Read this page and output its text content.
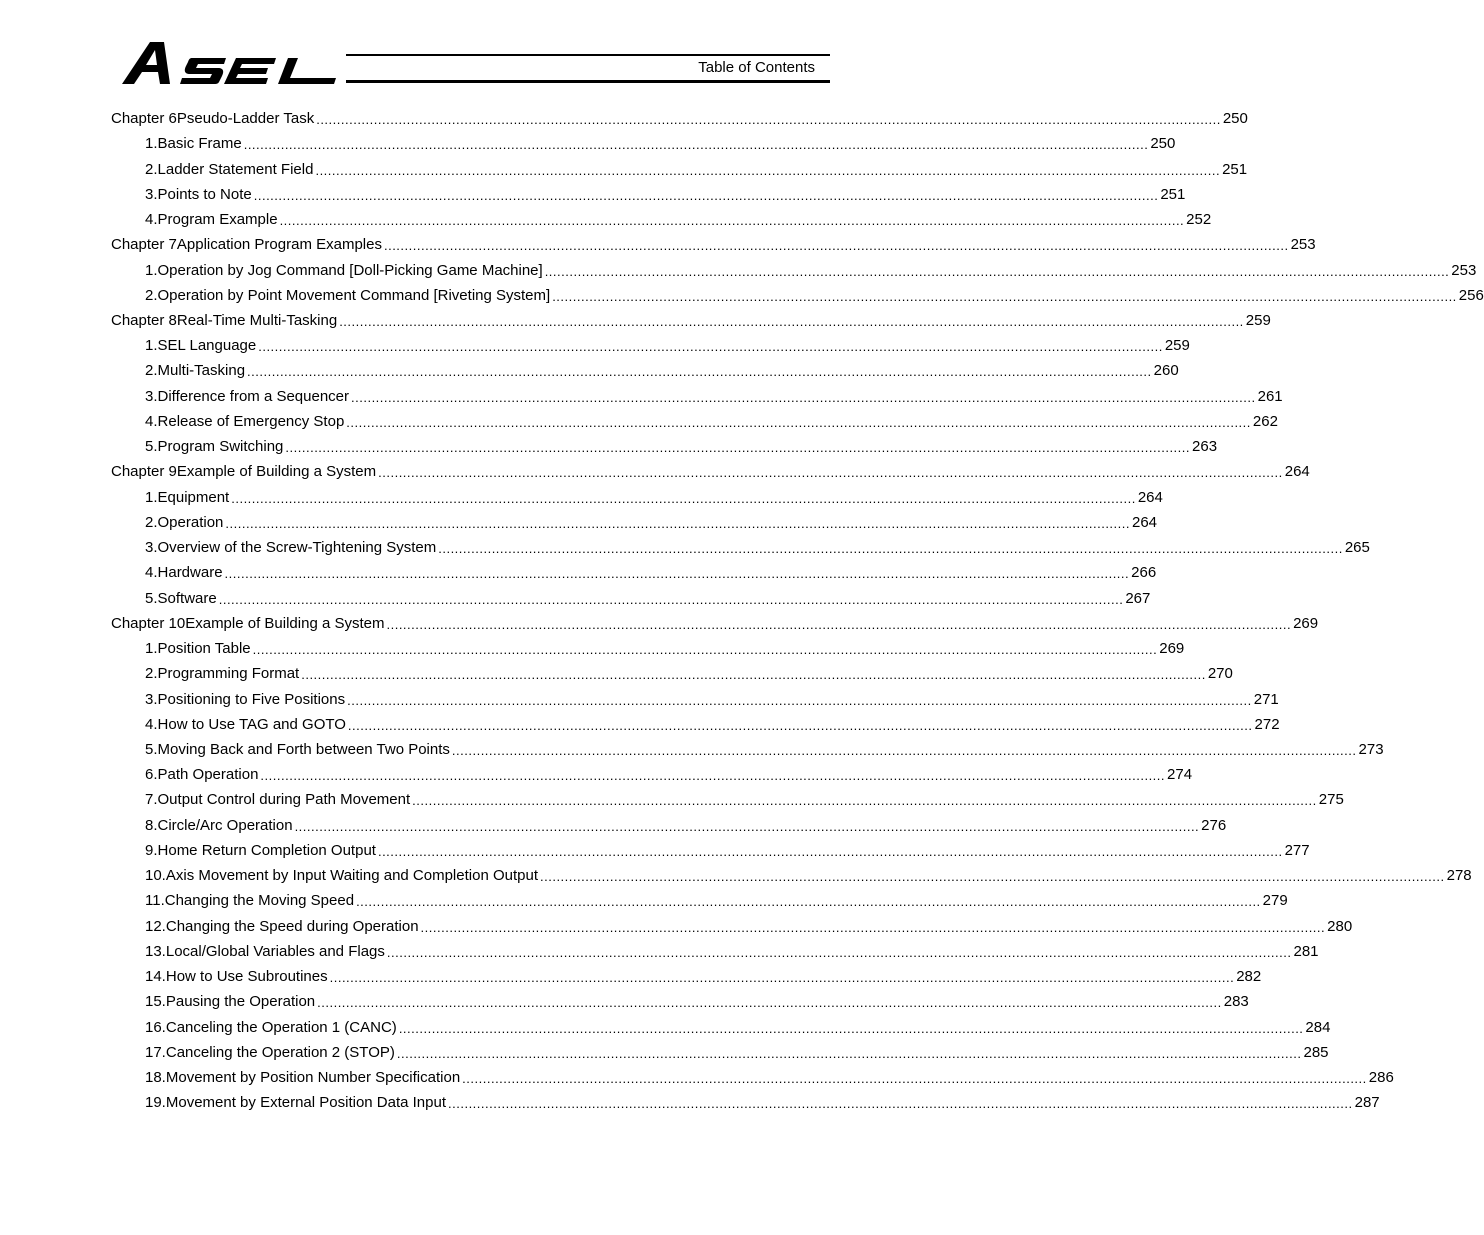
Table of Contents
Chapter 6 Pseudo-Ladder Task ............................................................................................................................................................................................................................ 250
1. Basic Frame ............................................................................................................................................................................................................................ 250
2. Ladder Statement Field ............................................................................................................................................................................................................................ 251
3. Points to Note ............................................................................................................................................................................................................................ 251
4. Program Example ............................................................................................................................................................................................................................ 252
Chapter 7 Application Program Examples ............................................................................................................................................................................................................................ 253
1. Operation by Jog Command [Doll-Picking Game Machine] ............................................................................................................................................................................................................................ 253
2. Operation by Point Movement Command [Riveting System] ............................................................................................................................................................................................................................ 256
Chapter 8 Real-Time Multi-Tasking ............................................................................................................................................................................................................................ 259
1. SEL Language ............................................................................................................................................................................................................................ 259
2. Multi-Tasking ............................................................................................................................................................................................................................ 260
3. Difference from a Sequencer ............................................................................................................................................................................................................................ 261
4. Release of Emergency Stop ............................................................................................................................................................................................................................ 262
5. Program Switching ............................................................................................................................................................................................................................ 263
Chapter 9 Example of Building a System ............................................................................................................................................................................................................................ 264
1. Equipment ............................................................................................................................................................................................................................ 264
2. Operation ............................................................................................................................................................................................................................ 264
3. Overview of the Screw-Tightening System ............................................................................................................................................................................................................................ 265
4. Hardware ............................................................................................................................................................................................................................ 266
5. Software ............................................................................................................................................................................................................................ 267
Chapter 10 Example of Building a System ............................................................................................................................................................................................................................ 269
1. Position Table ............................................................................................................................................................................................................................ 269
2. Programming Format ............................................................................................................................................................................................................................ 270
3. Positioning to Five Positions ............................................................................................................................................................................................................................ 271
4. How to Use TAG and GOTO ............................................................................................................................................................................................................................ 272
5. Moving Back and Forth between Two Points ............................................................................................................................................................................................................................ 273
6. Path Operation ............................................................................................................................................................................................................................ 274
7. Output Control during Path Movement ............................................................................................................................................................................................................................ 275
8. Circle/Arc Operation ............................................................................................................................................................................................................................ 276
9. Home Return Completion Output ............................................................................................................................................................................................................................ 277
10. Axis Movement by Input Waiting and Completion Output ............................................................................................................................................................................................................................ 278
11. Changing the Moving Speed ............................................................................................................................................................................................................................ 279
12. Changing the Speed during Operation ............................................................................................................................................................................................................................ 280
13. Local/Global Variables and Flags ............................................................................................................................................................................................................................ 281
14. How to Use Subroutines ............................................................................................................................................................................................................................ 282
15. Pausing the Operation ............................................................................................................................................................................................................................ 283
16. Canceling the Operation 1 (CANC) ............................................................................................................................................................................................................................ 284
17. Canceling the Operation 2 (STOP) ............................................................................................................................................................................................................................ 285
18. Movement by Position Number Specification ............................................................................................................................................................................................................................ 286
19. Movement by External Position Data Input ............................................................................................................................................................................................................................ 287
